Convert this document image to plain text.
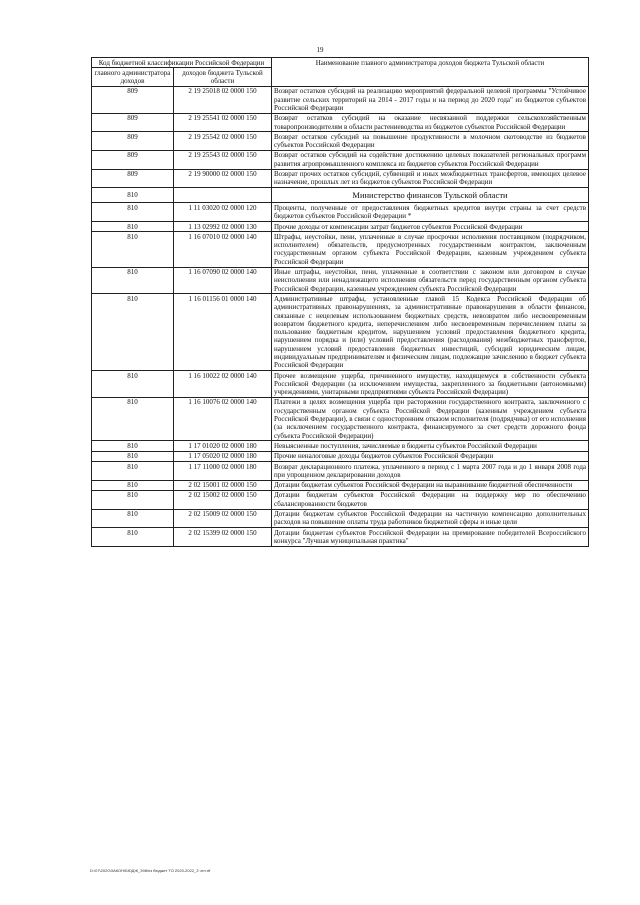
19
Код бюджетной классификации Российской Федерации		Наименование главного администратора доходов бюджета Тульской области
главного администратора доходов	доходов бюджета Тульской области	
809	2 19 25018 02 0000 150	Возврат остатков субсидий на реализацию мероприятий федеральной целевой программы "Устойчивое развитие сельских территорий на 2014 - 2017 годы и на период до 2020 года" из бюджетов субъектов Российской Федерации
809	2 19 25541 02 0000 150	Возврат остатков субсидий на оказание несвязанной поддержки сельскохозяйственным товаропроизводителям в области растениеводства из бюджетов субъектов Российской Федерации
809	2 19 25542 02 0000 150	Возврат остатков субсидий на повышение продуктивности в молочном скотоводстве из бюджетов субъектов Российской Федерации
809	2 19 25543 02 0000 150	Возврат остатков субсидий на содействие достижению целевых показателей региональных программ развития агропромышленного комплекса из бюджетов субъектов Российской Федерации
809	2 19 90000 02 0000 150	Возврат прочих остатков субсидий, субвенций и иных межбюджетных трансфертов, имеющих целевое назначение, прошлых лет из бюджетов субъектов Российской Федерации
810		Министерство финансов Тульской области
810	1 11 03020 02 0000 120	Проценты, полученные от предоставления бюджетных кредитов внутри страны за счет средств бюджетов субъектов Российской Федерации *
810	1 13 02992 02 0000 130	Прочие доходы от компенсации затрат бюджетов субъектов Российской Федерации
810	1 16 07010 02 0000 140	Штрафы, неустойки, пени, уплаченные в случае просрочки исполнения поставщиком (подрядчиком, исполнителем) обязательств, предусмотренных государственным контрактом, заключенным государственным органом субъекта Российской Федерации, казенным учреждением субъекта Российской Федерации
810	1 16 07090 02 0000 140	Иные штрафы, неустойки, пени, уплаченные в соответствии с законом или договором в случае неисполнения или ненадлежащего исполнения обязательств перед государственным органом субъекта Российской Федерации, казенным учреждением субъекта Российской Федерации
810	1 16 01156 01 0000 140	Административные штрафы, установленные главой 15 Кодекса Российской Федерации об административных правонарушениях, за административные правонарушения в области финансов, связанные с нецелевым использованием бюджетных средств, невозвратом либо несвоевременным возвратом бюджетного кредита, неперечислением либо несвоевременным перечислением платы за пользование бюджетным кредитом, нарушением условий предоставления бюджетного кредита, нарушением порядка и (или) условий предоставления (расходования) межбюджетных трансфертов, нарушением условий предоставления бюджетных инвестиций, субсидий юридическим лицам, индивидуальным предпринимателям и физическим лицам, подлежащие зачислению в бюджет субъекта Российской Федерации
810	1 16 10022 02 0000 140	Прочее возмещение ущерба, причиненного имуществу, находящемуся в собственности субъекта Российской Федерации (за исключением имущества, закрепленного за бюджетными (автономными) учреждениями, унитарными предприятиями субъекта Российской Федерации)
810	1 16 10076 02 0000 140	Платежи в целях возмещения ущерба при расторжении государственного контракта, заключенного с государственным органом субъекта Российской Федерации (казенным учреждением субъекта Российской Федерации), в связи с односторонним отказом исполнителя (подрядчика) от его исполнения (за исключением государственного контракта, финансируемого за счет средств дорожного фонда субъекта Российской Федерации)
810	1 17 01020 02 0000 180	Невыясненные поступления, зачисляемые в бюджеты субъектов Российской Федерации
810	1 17 05020 02 0000 180	Прочие неналоговые доходы бюджетов субъектов Российской Федерации
810	1 17 11000 02 0000 180	Возврат декларационного платежа, уплаченного в период с 1 марта 2007 года и до 1 января 2008 года при упрощенном декларировании доходов
810	2 02 15001 02 0000 150	Дотации бюджетам субъектов Российской Федерации на выравнивание бюджетной обеспеченности
810	2 02 15002 02 0000 150	Дотации бюджетам субъектов Российской Федерации на поддержку мер по обеспечению сбалансированности бюджетов
810	2 02 15009 02 0000 150	Дотации бюджетам субъектов Российской Федерации на частичную компенсацию дополнительных расходов на повышение оплаты труда работников бюджетной сферы и иные цели
810	2 02 15399 02 0000 150	Дотации бюджетам субъектов Российской Федерации на премирование победителей Всероссийского конкурса "Лучшая муниципальная практика"
D:\07\2020\ЗАКОН\БЮДЖ_398\пз бюджет ТО 2020-2022_3 чтн.rtf
